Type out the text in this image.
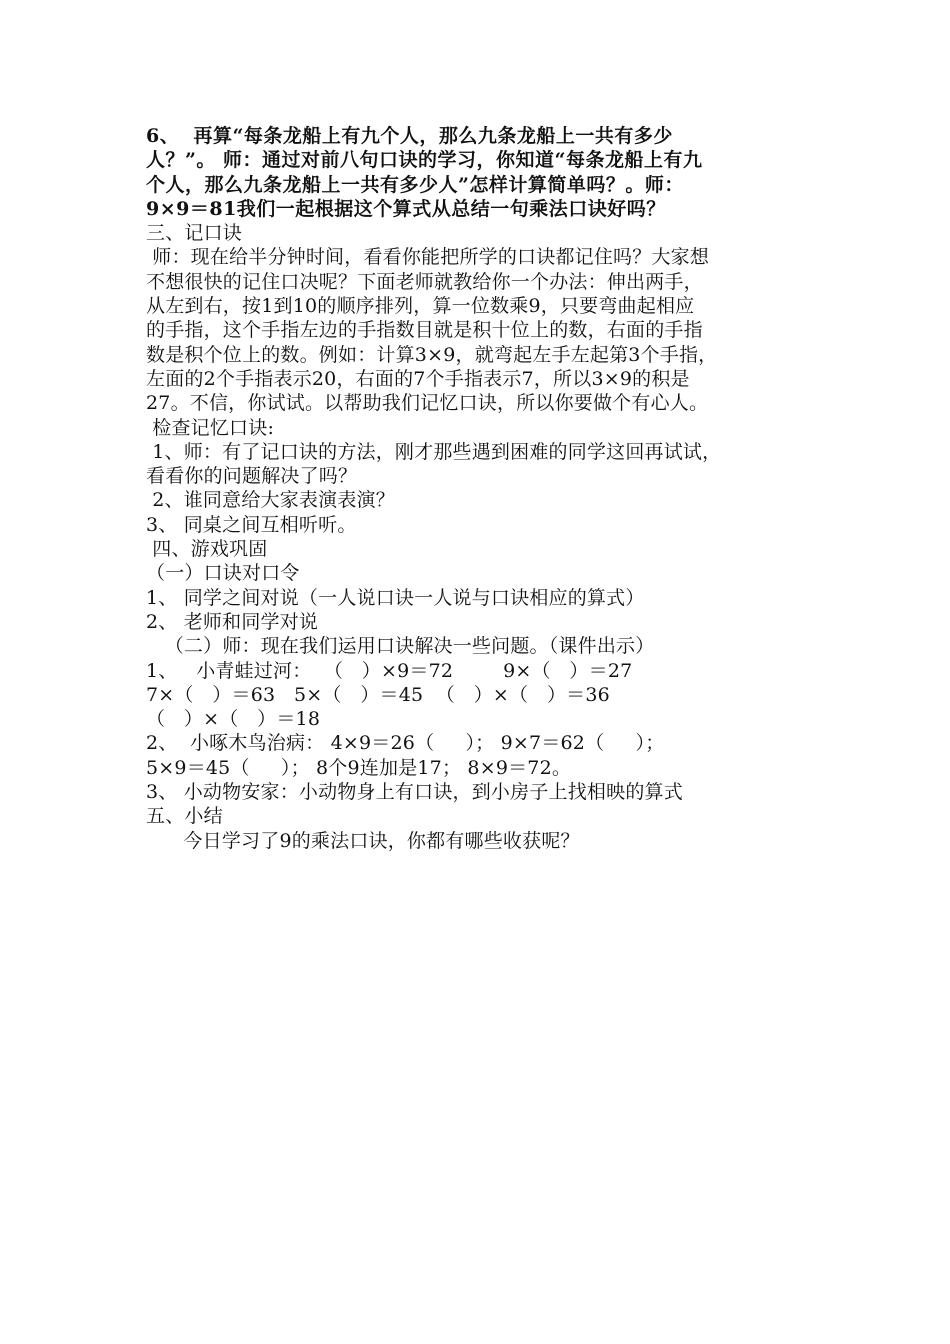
6、  再算“每条龙船上有九个人，那么九条龙船上一共有多少
人？”。 师：通过对前八句口诀的学习，你知道“每条龙船上有九
个人，那么九条龙船上一共有多少人”怎样计算简单吗？。师：
9×9＝81我们一起根据这个算式从总结一句乘法口诀好吗？
三、记口诀
师：现在给半分钟时间，看看你能把所学的口诀都记住吗？大家想
不想很快的记住口决呢？下面老师就教给你一个办法：伸出两手，
从左到右，按1到10的顺序排列，算一位数乘9，只要弯曲起相应
的手指，这个手指左边的手指数目就是积十位上的数，右面的手指
数是积个位上的数。例如：计算3×9，就弯起左手左起第3个手指，
左面的2个手指表示20，右面的7个手指表示7，所以3×9的积是
27。不信，你试试。以帮助我们记忆口诀，所以你要做个有心人。
检查记忆口诀:
1、师：有了记口诀的方法，刚才那些遇到困难的同学这回再试试，
看看你的问题解决了吗？
2、谁同意给大家表演表演？
3、 同桌之间互相听听。
四、游戏巩固
（一）口诀对口令
1、 同学之间对说（一人说口诀一人说与口诀相应的算式）
2、 老师和同学对说
（二）师：现在我们运用口诀解决一些问题。（课件出示）
1、   小青蛙过河：  （   ）×9＝72        9×（   ）＝27
7×（   ）＝63   5×（   ）＝45  （   ）×（   ）＝36
（   ）×（   ）＝18
2、  小啄木鸟治病： 4×9＝26（     ）； 9×7＝62（     ）；
5×9＝45（     ）； 8个9连加是17； 8×9＝72。
3、 小动物安家：小动物身上有口诀，到小房子上找相映的算式
五、小结
今日学习了9的乘法口诀，你都有哪些收获呢？
